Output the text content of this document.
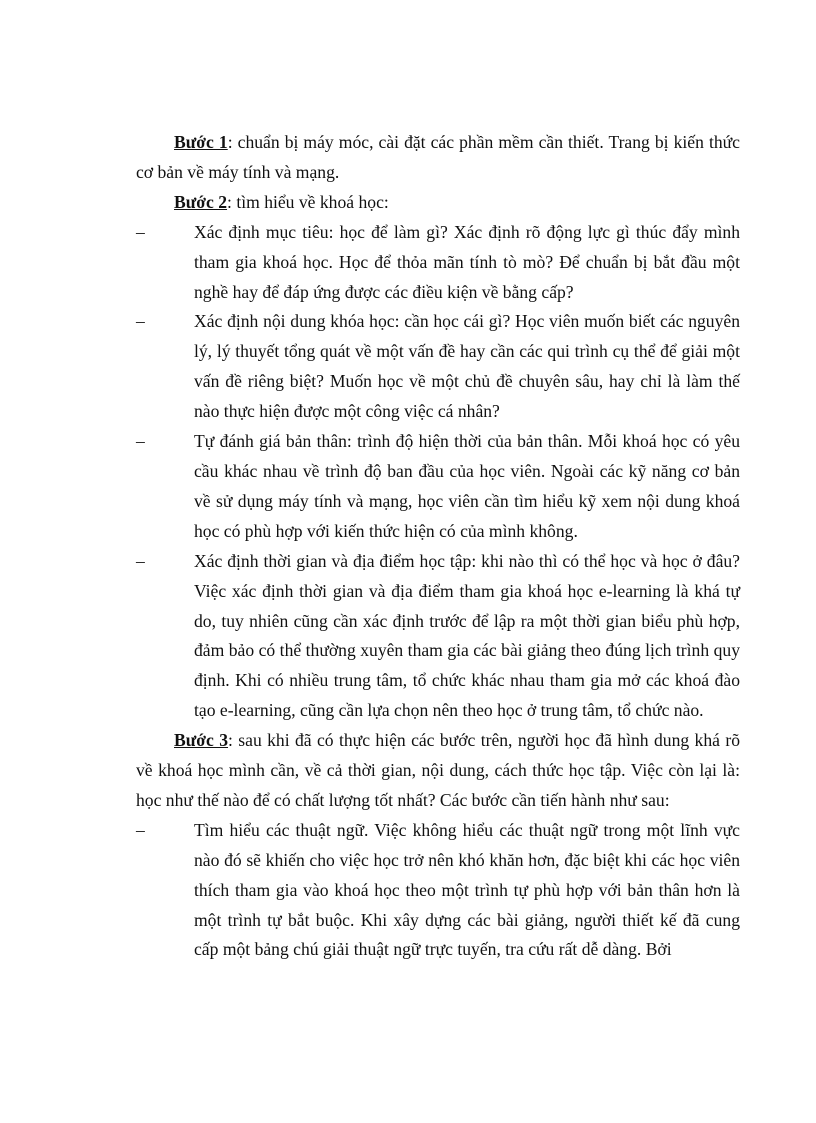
Bước 1: chuẩn bị máy móc, cài đặt các phần mềm cần thiết. Trang bị kiến thức cơ bản về máy tính và mạng.

Bước 2: tìm hiểu về khoá học:

–	Xác định mục tiêu: học để làm gì? Xác định rõ động lực gì thúc đẩy mình tham gia khoá học. Học để thỏa mãn tính tò mò? Để chuẩn bị bắt đầu một nghề hay để đáp ứng được các điều kiện về bằng cấp?

–	Xác định nội dung khóa học: cần học cái gì? Học viên muốn biết các nguyên lý, lý thuyết tổng quát về một vấn đề hay cần các qui trình cụ thể để giải một vấn đề riêng biệt? Muốn học về một chủ đề chuyên sâu, hay chỉ là làm thế nào thực hiện được một công việc cá nhân?

–	Tự đánh giá bản thân: trình độ hiện thời của bản thân. Mỗi khoá học có yêu cầu khác nhau về trình độ ban đầu của học viên. Ngoài các kỹ năng cơ bản về sử dụng máy tính và mạng, học viên cần tìm hiểu kỹ xem nội dung khoá học có phù hợp với kiến thức hiện có của mình không.

–	Xác định thời gian và địa điểm học tập: khi nào thì có thể học và học ở đâu? Việc xác định thời gian và địa điểm tham gia khoá học e-learning là khá tự do, tuy nhiên cũng cần xác định trước để lập ra một thời gian biểu phù hợp, đảm bảo có thể thường xuyên tham gia các bài giảng theo đúng lịch trình quy định. Khi có nhiều trung tâm, tổ chức khác nhau tham gia mở các khoá đào tạo e-learning, cũng cần lựa chọn nên theo học ở trung tâm, tổ chức nào.

Bước 3: sau khi đã có thực hiện các bước trên, người học đã hình dung khá rõ về khoá học mình cần, về cả thời gian, nội dung, cách thức học tập. Việc còn lại là: học như thế nào để có chất lượng tốt nhất? Các bước cần tiến hành như sau:

–	Tìm hiểu các thuật ngữ. Việc không hiểu các thuật ngữ trong một lĩnh vực nào đó sẽ khiến cho việc học trở nên khó khăn hơn, đặc biệt khi các học viên thích tham gia vào khoá học theo một trình tự phù hợp với bản thân hơn là một trình tự bắt buộc. Khi xây dựng các bài giảng, người thiết kế đã cung cấp một bảng chú giải thuật ngữ trực tuyến, tra cứu rất dễ dàng. Bởi
